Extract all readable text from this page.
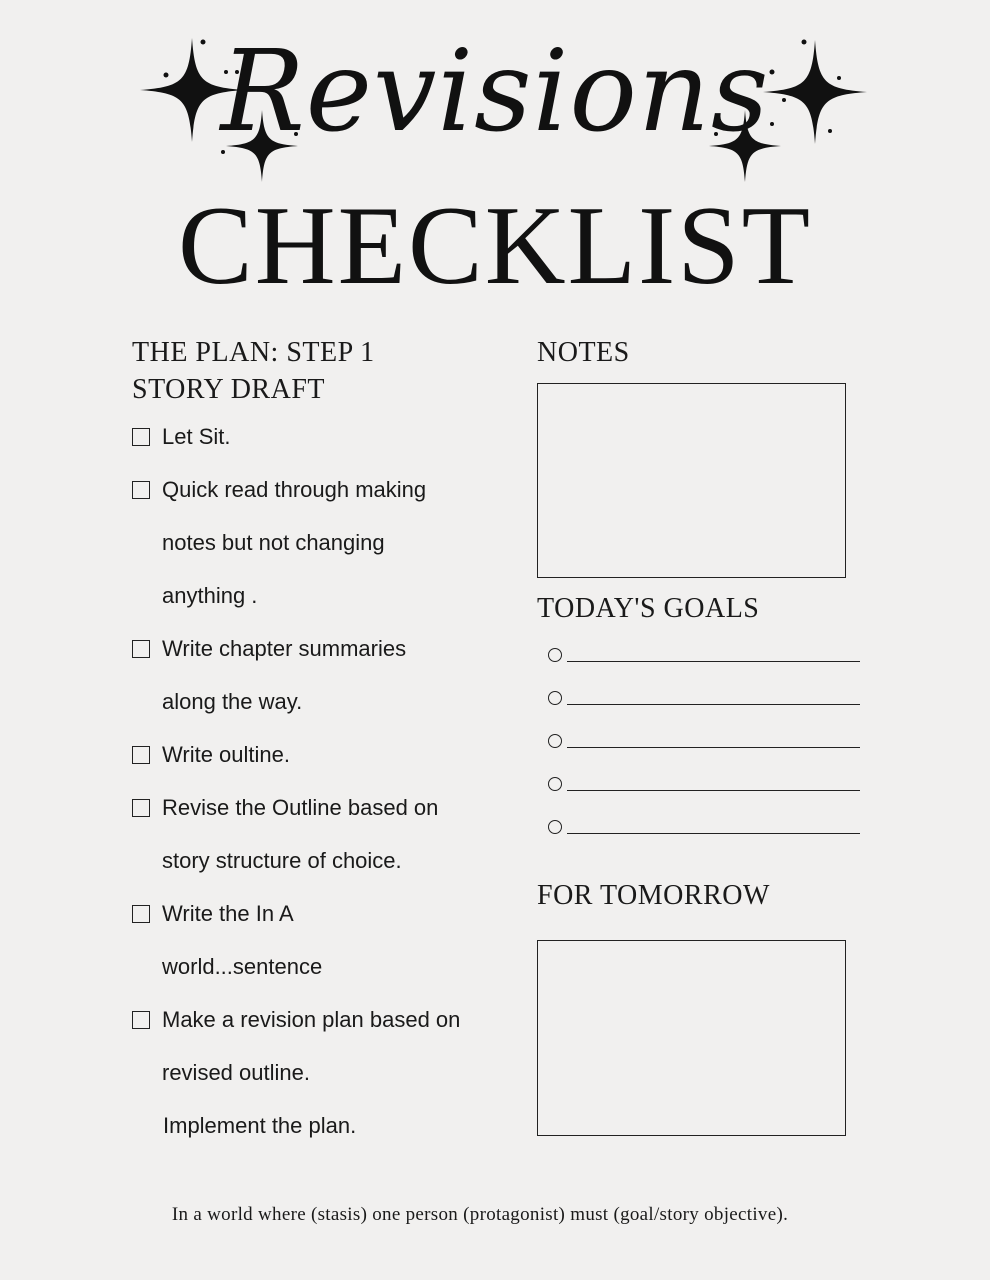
Revisions
CHECKLIST
THE PLAN: STEP 1
STORY DRAFT
Let Sit.
Quick read through making notes but not changing anything .
Write chapter summaries along the way.
Write oultine.
Revise the Outline based on story structure of choice.
Write the In A world...sentence
Make a revision plan based on revised outline.
Implement the plan.
NOTES
TODAY'S GOALS
FOR TOMORROW
In a world where (stasis) one person (protagonist) must (goal/story objective).
